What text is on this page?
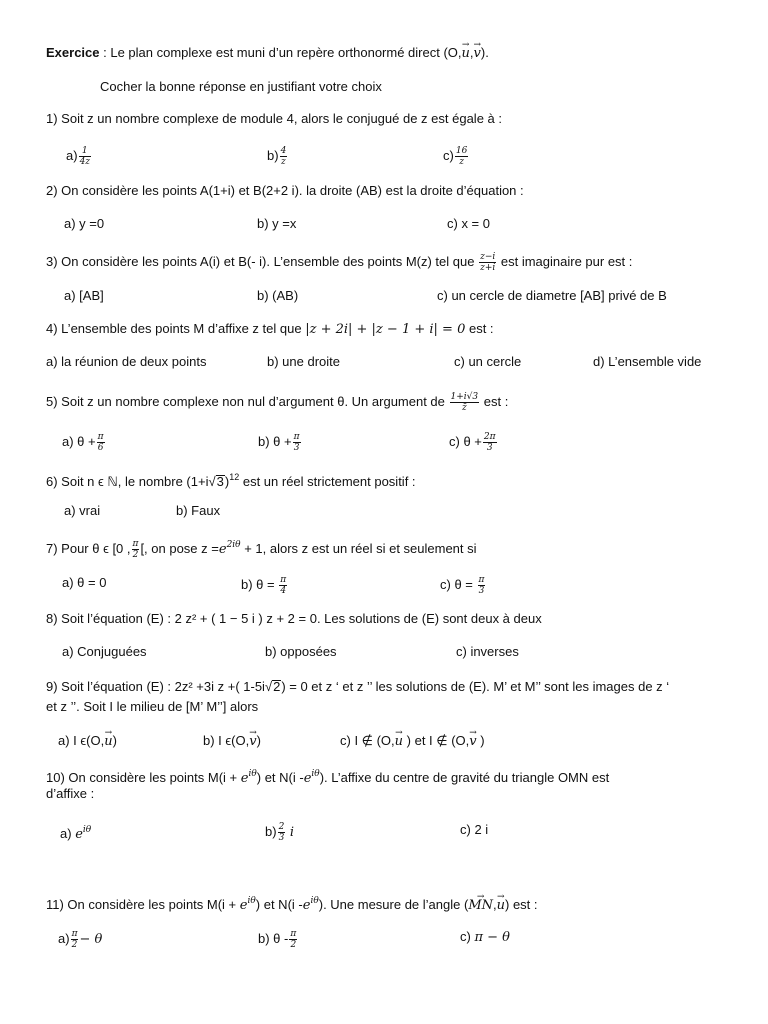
Exercice : Le plan complexe est muni d’un repère orthonormé direct (O,→ u,→ v).
Cocher la bonne réponse en justifiant votre choix
1) Soit z un nombre complexe de module 4, alors le conjugué de z est égale à :
$a) \frac{1}{4z}$	$b) \frac{4}{z}$	$c) \frac{16}{z}$
2) On considère les points A(1+i) et B(2+2 i). la droite (AB) est la droite d’équation :
a) y =0	b) y =x	c) x = 0
3) On considère les points A(i) et B(- i). L’ensemble des points M(z) tel que $\frac{z-i}{z+i}$ est imaginaire pur est :
a) [AB]	b) (AB)	c) un cercle de diametre [AB] privé de B
4) L’ensemble des points M d’affixe z tel que |z + 2i| + |z − 1 + i| = 0 est :
a) la réunion de deux points	b) une droite	c) un cercle	d) L’ensemble vide
5) Soit z un nombre complexe non nul d’argument θ. Un argument de $\frac{1+i√3}{z̄}$ est :
a) $\theta + \frac{\pi}{6}$	b) $\theta + \frac{\pi}{3}$	c) $\theta + \frac{2\pi}{3}$
6) Soit n ϵ ℕ, le nombre $(1+i√3)^{12}$ est un réel strictement positif :
a) vrai	b) Faux
7) Pour θ ϵ [0 , $\frac{\pi}{2}$ [, on pose $z =e^{2i\theta} + 1$, alors z est un réel si et seulement si
a) θ = 0	b) $\theta = \frac{\pi}{4}$	c) $\theta = \frac{\pi}{3}$
8) Soit l’équation (E) : 2 z² + ( 1 − 5 i ) z + 2 = 0. Les solutions de (E) sont deux à deux
a) Conjuguées	b) opposées	c) inverses
9) Soit l’équation (E) : 2z² +3i z +( 1-5i√2) = 0 et z ‘ et z ’’ les solutions de (E). M’ et M’’ sont les images de z ‘
et z ’’. Soit I le milieu de [M’ M’’] alors
a) I ϵ(O,→ u)	b) I ϵ(O,→ v)	c) I ∉ (O,→ u ) et I ∉ (O,→ v )
10) On considère les points $M(i + e^{i\theta})$ et N(i $-e^{i\theta}$). L’affixe du centre de gravité du triangle OMN est
d’affixe :
a) $e^{i\theta}$	$b) \frac{2}{3}$ i	c) 2 i
11) On considère les points $M(i + e^{i\theta})$ et N(i $-e^{i\theta}$). Une mesure de l’angle (→ MN,→ u) est :
$a) \frac{\pi}{2} - \theta$	b) θ - $\frac{\pi}{2}$	c) π − θ
